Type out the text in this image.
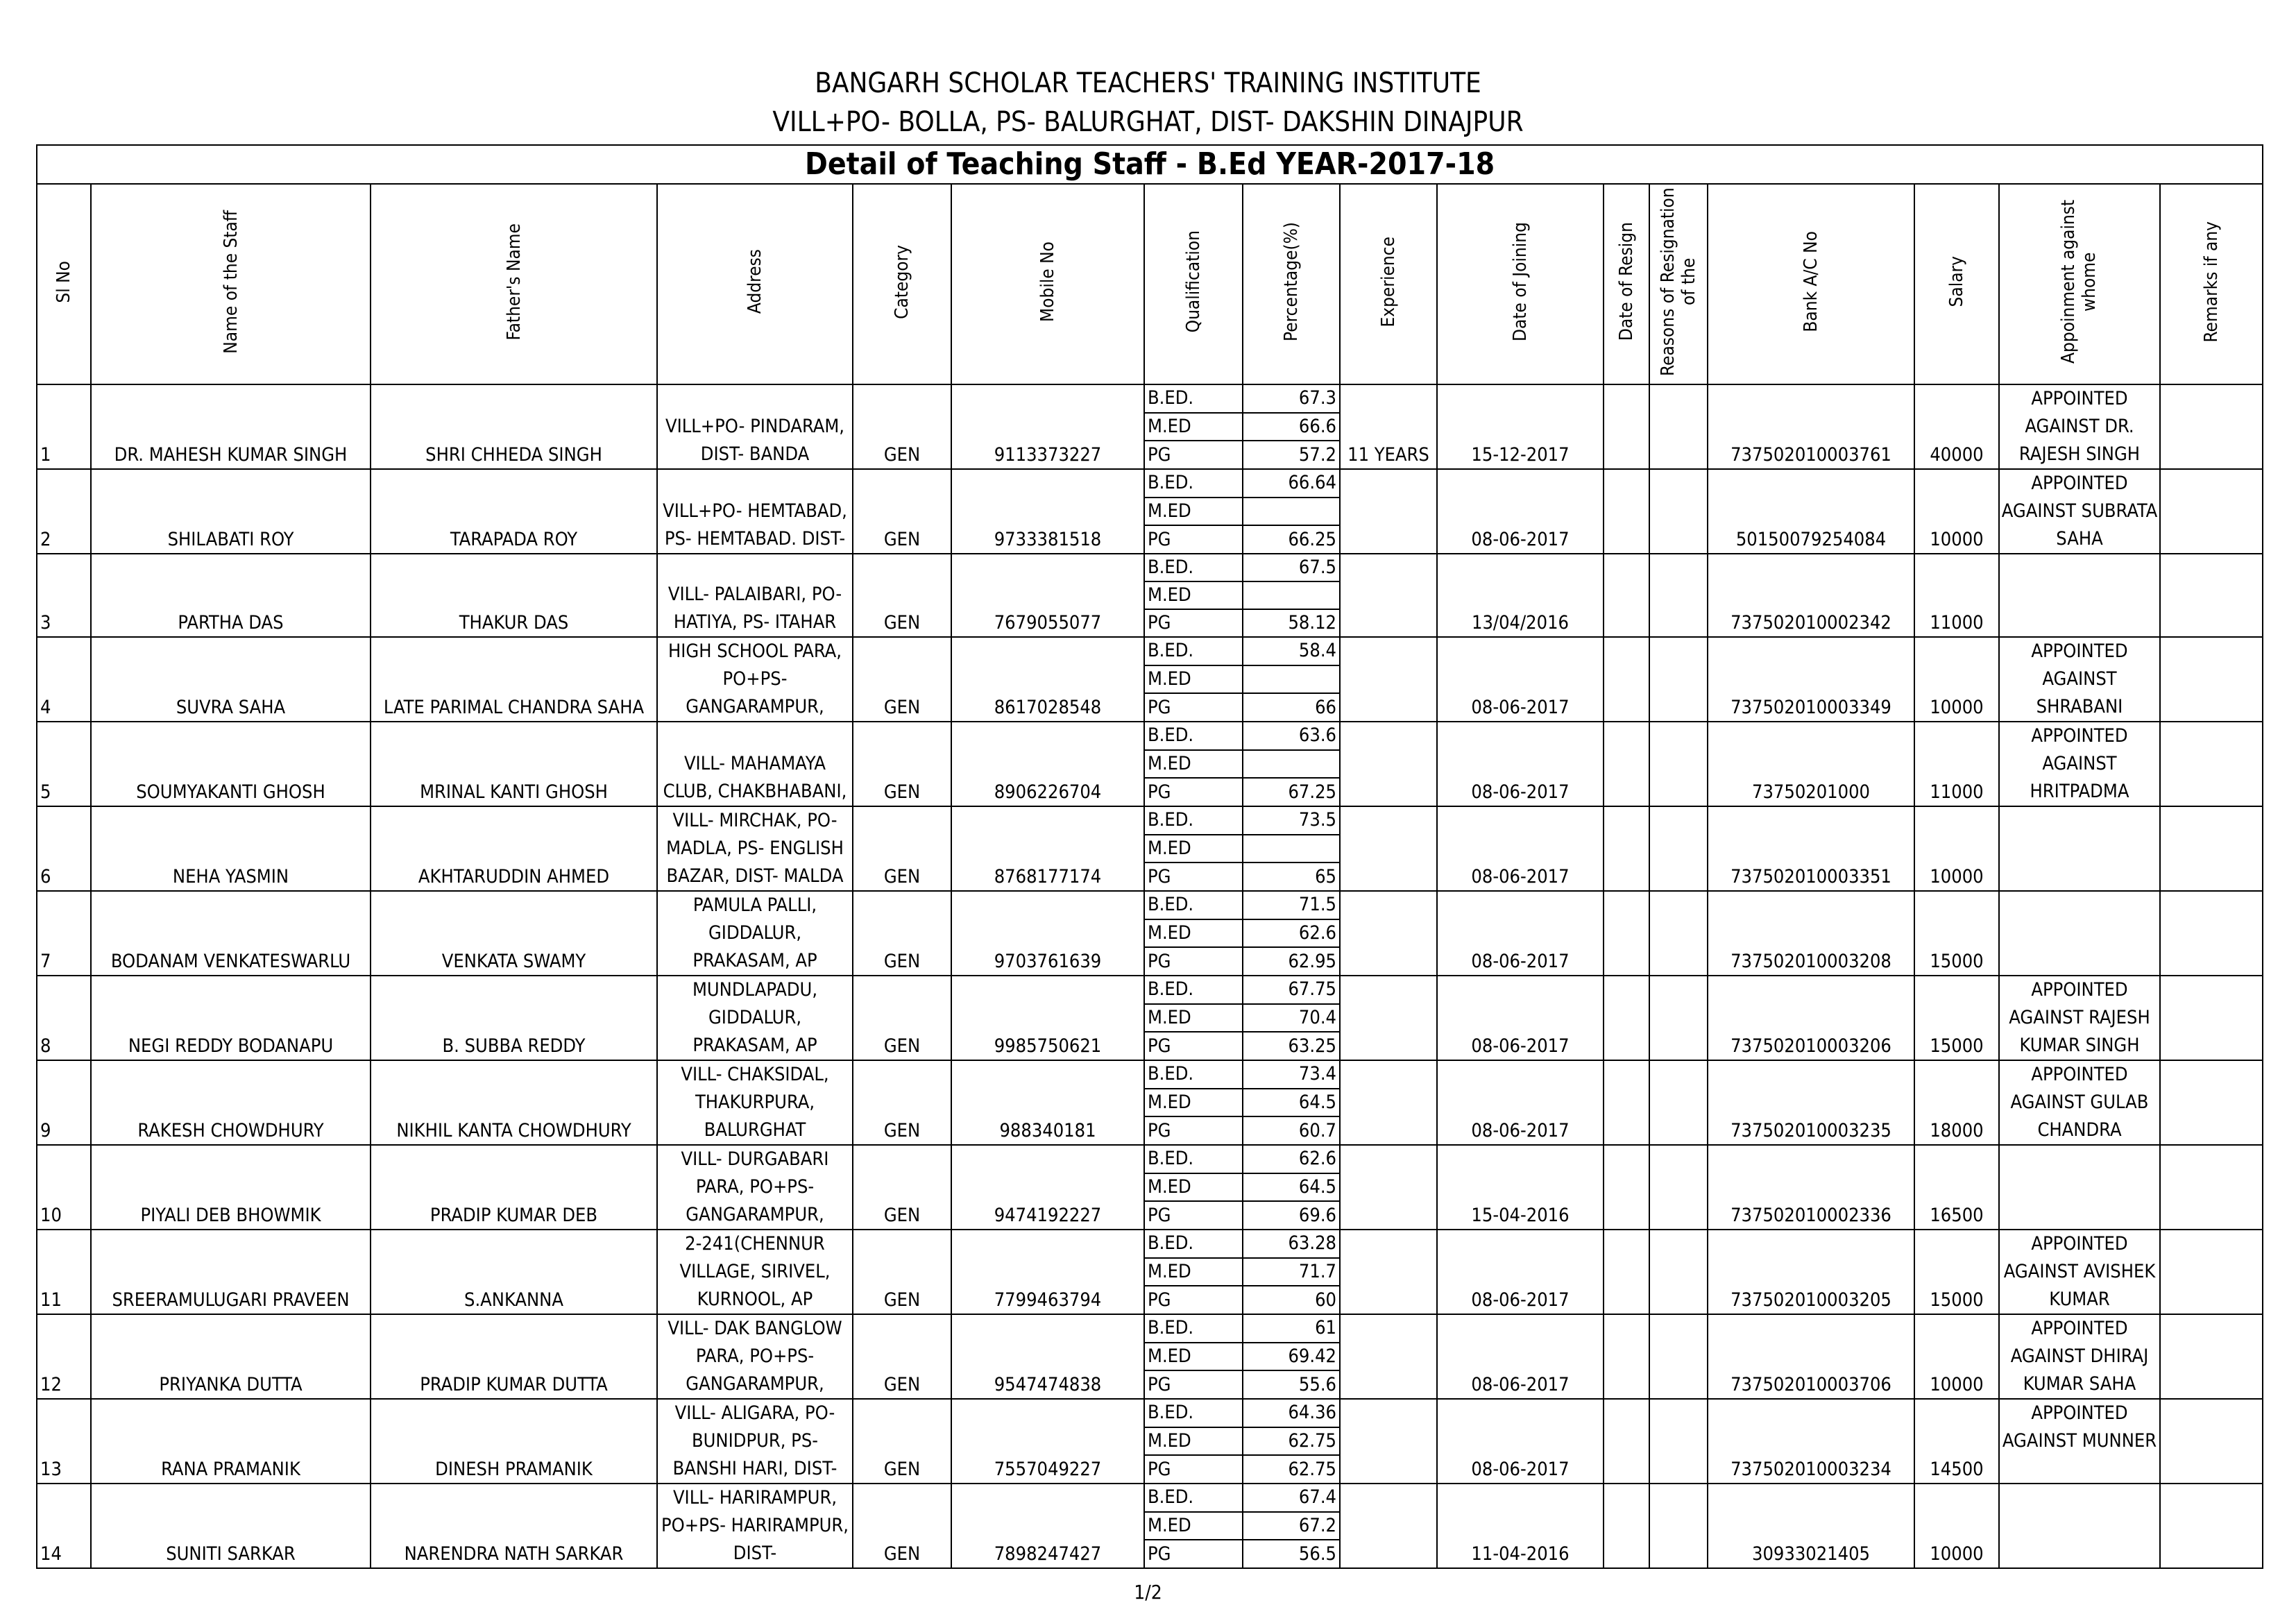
BANGARH SCHOLAR TEACHERS' TRAINING INSTITUTE
VILL+PO- BOLLA, PS- BALURGHAT, DIST- DAKSHIN DINAJPUR
Detail of Teaching Staff - B.Ed YEAR-2017-18															
Sl No	Name of the Staff	Father's Name	Address	Category	Mobile No	Qualification	Percentage(%)	Experience	Date of Joining	Date of Resign	Reasons of Resignation of the	Bank A/C No	Salary	Appoinment against whome	Remarks if any
1	DR. MAHESH KUMAR SINGH	SHRI CHHEDA SINGH	VILL+PO- PINDARAM, DIST- BANDA	GEN	9113373227	B.ED.	67.3	11 YEARS	15-12-2017			737502010003761	40000	APPOINTED AGAINST DR. RAJESH SINGH	
						M.ED	66.6								
						PG	57.2								
2	SHILABATI ROY	TARAPADA ROY	VILL+PO- HEMTABAD, PS- HEMTABAD. DIST-	GEN	9733381518	B.ED.	66.64		08-06-2017			50150079254084	10000	APPOINTED AGAINST SUBRATA SAHA	
						M.ED									
						PG	66.25								
3	PARTHA DAS	THAKUR DAS	VILL- PALAIBARI, PO- HATIYA, PS- ITAHAR	GEN	7679055077	B.ED.	67.5		13/04/2016			737502010002342	11000		
						M.ED									
						PG	58.12								
4	SUVRA SAHA	LATE PARIMAL CHANDRA SAHA	HIGH SCHOOL PARA, PO+PS- GANGARAMPUR,	GEN	8617028548	B.ED.	58.4		08-06-2017			737502010003349	10000	APPOINTED AGAINST SHRABANI	
						M.ED									
						PG	66								
5	SOUMYAKANTI GHOSH	MRINAL KANTI GHOSH	VILL- MAHAMAYA CLUB, CHAKBHABANI,	GEN	8906226704	B.ED.	63.6		08-06-2017			73750201000	11000	APPOINTED AGAINST HRITPADMA	
						M.ED									
						PG	67.25								
6	NEHA YASMIN	AKHTARUDDIN AHMED	VILL- MIRCHAK, PO- MADLA, PS- ENGLISH BAZAR, DIST- MALDA	GEN	8768177174	B.ED.	73.5		08-06-2017			737502010003351	10000		
						M.ED									
						PG	65								
7	BODANAM VENKATESWARLU	VENKATA SWAMY	PAMULA PALLI, GIDDALUR, PRAKASAM, AP	GEN	9703761639	B.ED.	71.5		08-06-2017			737502010003208	15000		
						M.ED	62.6								
						PG	62.95								
8	NEGI REDDY BODANAPU	B. SUBBA REDDY	MUNDLAPADU, GIDDALUR, PRAKASAM, AP	GEN	9985750621	B.ED.	67.75		08-06-2017			737502010003206	15000	APPOINTED AGAINST RAJESH KUMAR SINGH	
						M.ED	70.4								
						PG	63.25								
9	RAKESH CHOWDHURY	NIKHIL KANTA CHOWDHURY	VILL- CHAKSIDAL, THAKURPURA, BALURGHAT	GEN	988340181	B.ED.	73.4		08-06-2017			737502010003235	18000	APPOINTED AGAINST GULAB CHANDRA	
						M.ED	64.5								
						PG	60.7								
10	PIYALI DEB BHOWMIK	PRADIP KUMAR DEB	VILL- DURGABARI PARA, PO+PS- GANGARAMPUR,	GEN	9474192227	B.ED.	62.6		15-04-2016			737502010002336	16500		
						M.ED	64.5								
						PG	69.6								
11	SREERAMULUGARI PRAVEEN	S.ANKANNA	2-241(CHENNUR VILLAGE, SIRIVEL, KURNOOL, AP	GEN	7799463794	B.ED.	63.28		08-06-2017			737502010003205	15000	APPOINTED AGAINST AVISHEK KUMAR	
						M.ED	71.7								
						PG	60								
12	PRIYANKA DUTTA	PRADIP KUMAR DUTTA	VILL- DAK BANGLOW PARA, PO+PS- GANGARAMPUR,	GEN	9547474838	B.ED.	61		08-06-2017			737502010003706	10000	APPOINTED AGAINST DHIRAJ KUMAR SAHA	
						M.ED	69.42								
						PG	55.6								
13	RANA PRAMANIK	DINESH PRAMANIK	VILL- ALIGARA, PO- BUNIDPUR, PS- BANSHI HARI, DIST-	GEN	7557049227	B.ED.	64.36		08-06-2017			737502010003234	14500	APPOINTED AGAINST MUNNER	
						M.ED	62.75								
						PG	62.75								
14	SUNITI SARKAR	NARENDRA NATH SARKAR	VILL- HARIRAMPUR, PO+PS- HARIRAMPUR, DIST-	GEN	7898247427	B.ED.	67.4		11-04-2016			30933021405	10000		
						M.ED	67.2								
						PG	56.5								
1/2
